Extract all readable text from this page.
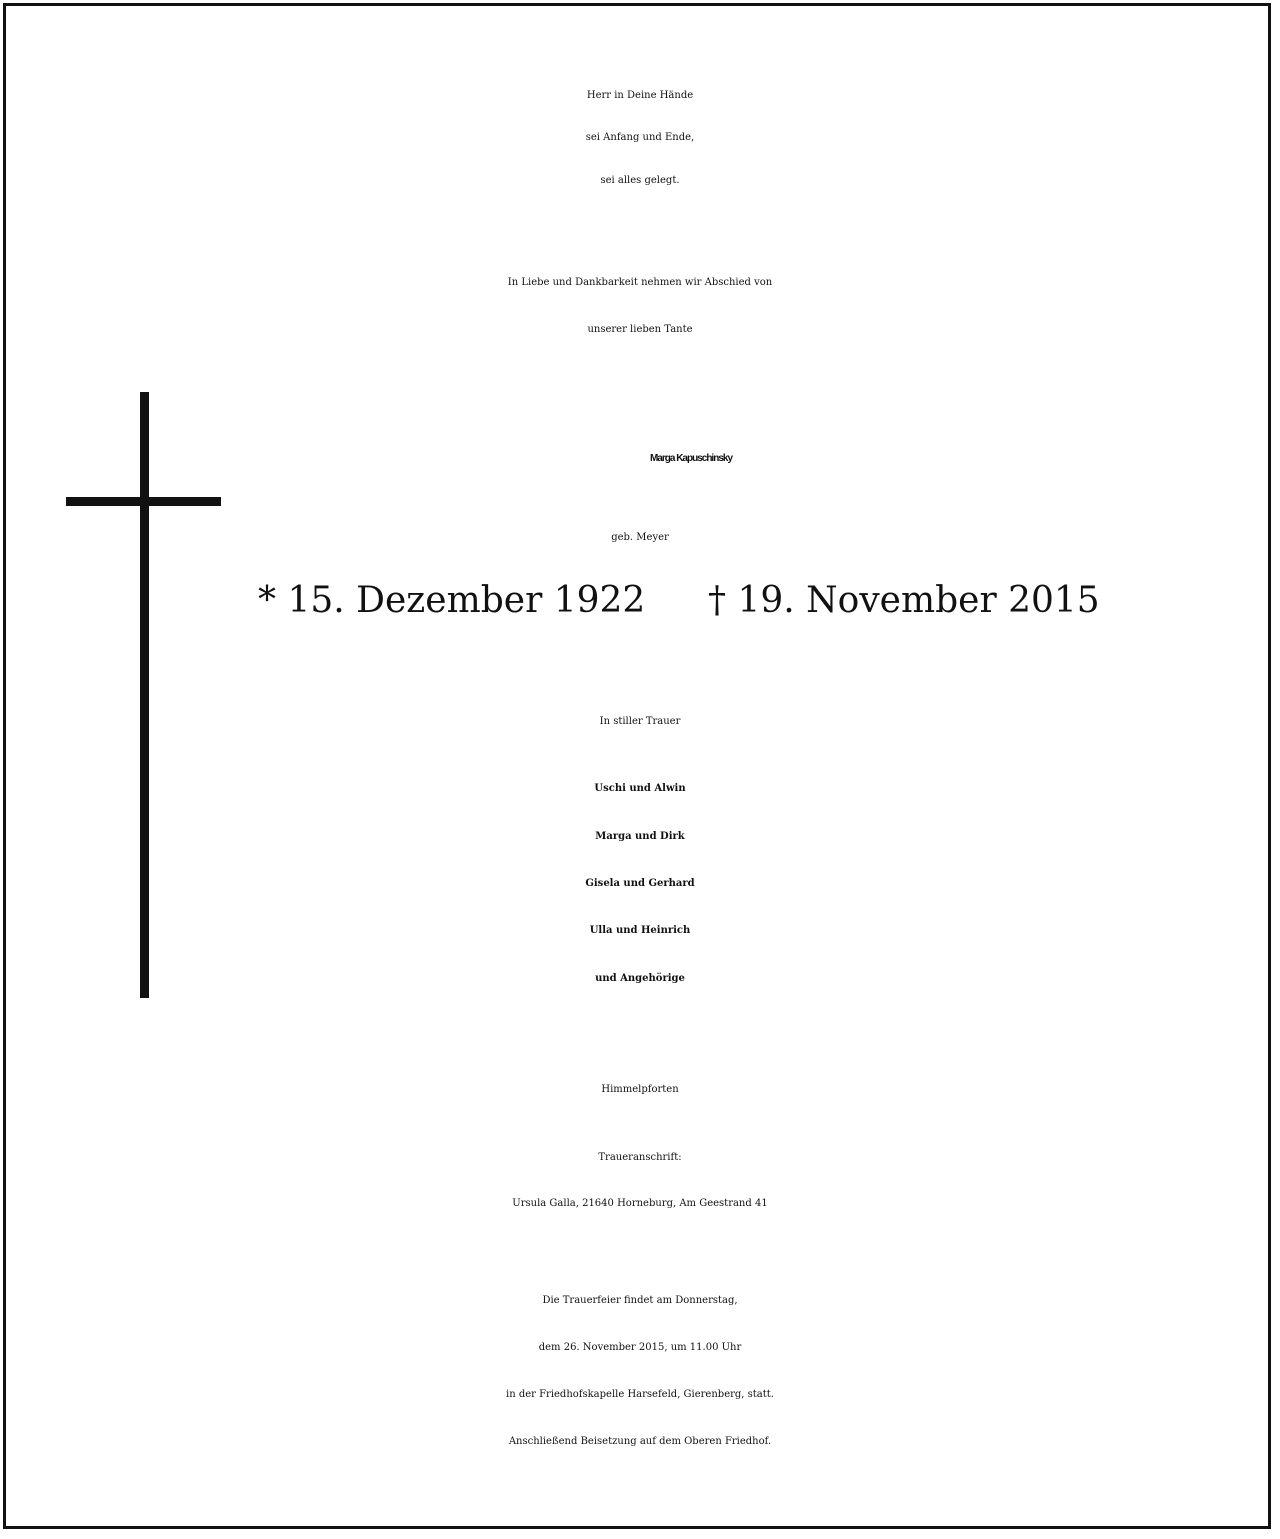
Herr in Deine Hände
sei Anfang und Ende,
sei alles gelegt.
In Liebe und Dankbarkeit nehmen wir Abschied von
unserer lieben Tante
Marga Kapuschinsky
geb. Meyer
* 15. Dezember 1922 † 19. November 2015
In stiller Trauer
Uschi und Alwin
Marga und Dirk
Gisela und Gerhard
Ulla und Heinrich
und Angehörige
Himmelpforten
Traueranschrift:
Ursula Galla, 21640 Horneburg, Am Geestrand 41
Die Trauerfeier findet am Donnerstag,
dem 26. November 2015, um 11.00 Uhr
in der Friedhofskapelle Harsefeld, Gierenberg, statt.
Anschließend Beisetzung auf dem Oberen Friedhof.
